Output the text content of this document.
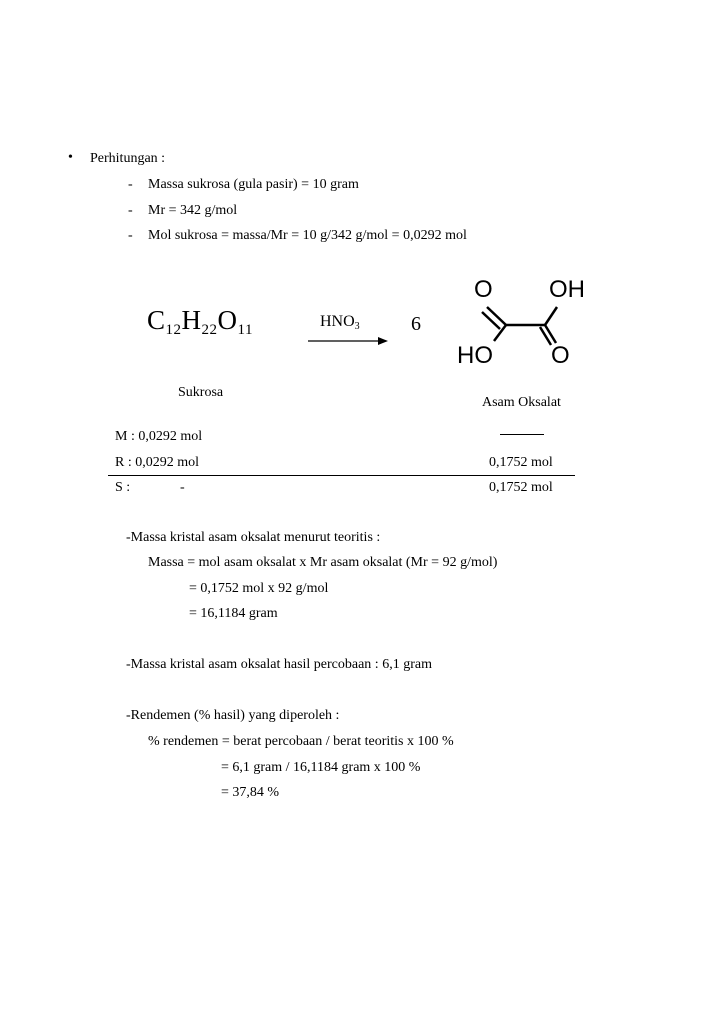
• Perhitungan :
- Massa sukrosa (gula pasir) = 10 gram
- Mr = 342 g/mol
- Mol sukrosa = massa/Mr = 10 g/342 g/mol = 0,0292 mol
$C_{12}H_{22}O_{11}$	$HNO_3$	6
O OH
HO O
Sukrosa
Asam Oksalat
M : 0,0292 mol
R : 0,0292 mol	0,1752 mol
S :	-	0,1752 mol
-Massa kristal asam oksalat menurut teoritis :
Massa = mol asam oksalat x Mr asam oksalat (Mr = 92 g/mol)
= 0,1752 mol x 92 g/mol
= 16,1184 gram
-Massa kristal asam oksalat hasil percobaan : 6,1 gram
-Rendemen (% hasil) yang diperoleh :
% rendemen = berat percobaan / berat teoritis x 100 %
= 6,1 gram / 16,1184 gram x 100 %
= 37,84 %
